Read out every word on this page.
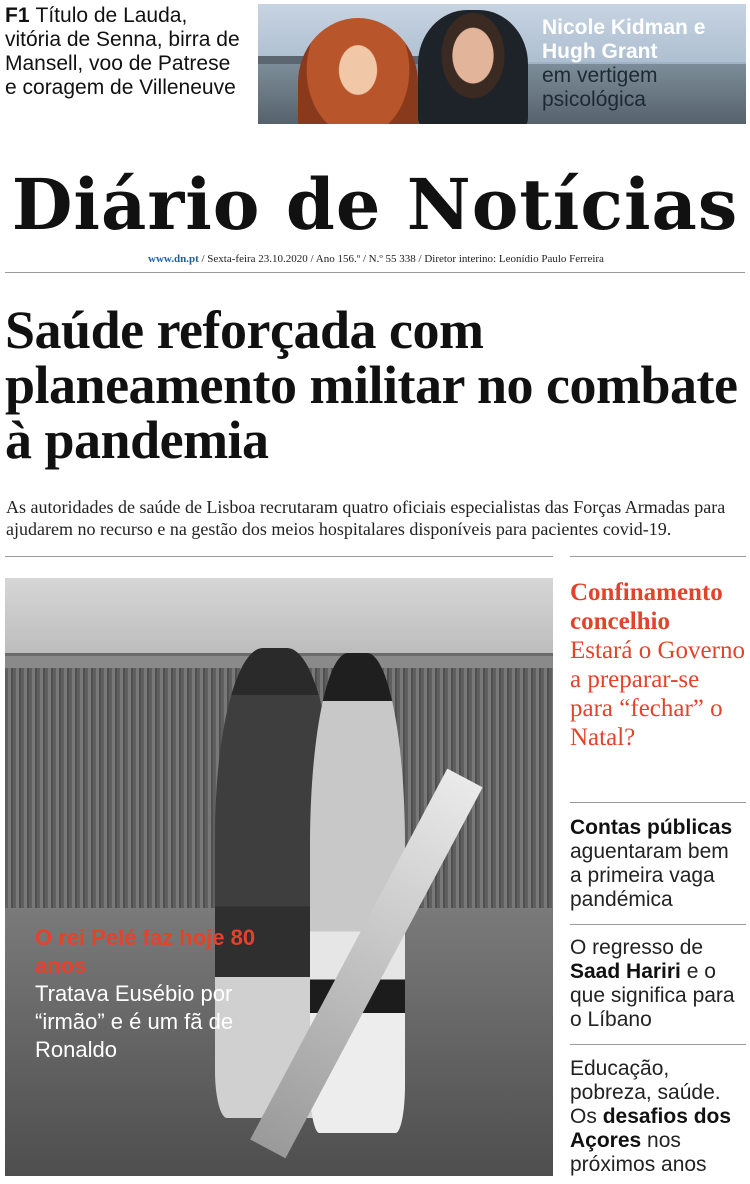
F1 Título de Lauda, vitória de Senna, birra de Mansell, voo de Patrese e coragem de Villeneuve
Nicole Kidman e Hugh Grant
em vertigem psicológica
Diário de Notícias
www.dn.pt / Sexta-feira 23.10.2020 / Ano 156.º / N.º 55 338 / Diretor interino: Leonídio Paulo Ferreira
Saúde reforçada com planeamento militar no combate à pandemia
As autoridades de saúde de Lisboa recrutaram quatro oficiais especialistas das Forças Armadas para ajudarem no recurso e na gestão dos meios hospitalares disponíveis para pacientes covid-19.
O rei Pelé faz hoje 80 anos
Tratava Eusébio por “irmão” e é um fã de Ronaldo
Confinamento concelhio
Estará o Governo a preparar-se para “fechar” o Natal?
Contas públicas aguentaram bem a primeira vaga pandémica
O regresso de Saad Hariri e o que significa para o Líbano
Educação, pobreza, saúde. Os desafios dos Açores nos próximos anos
